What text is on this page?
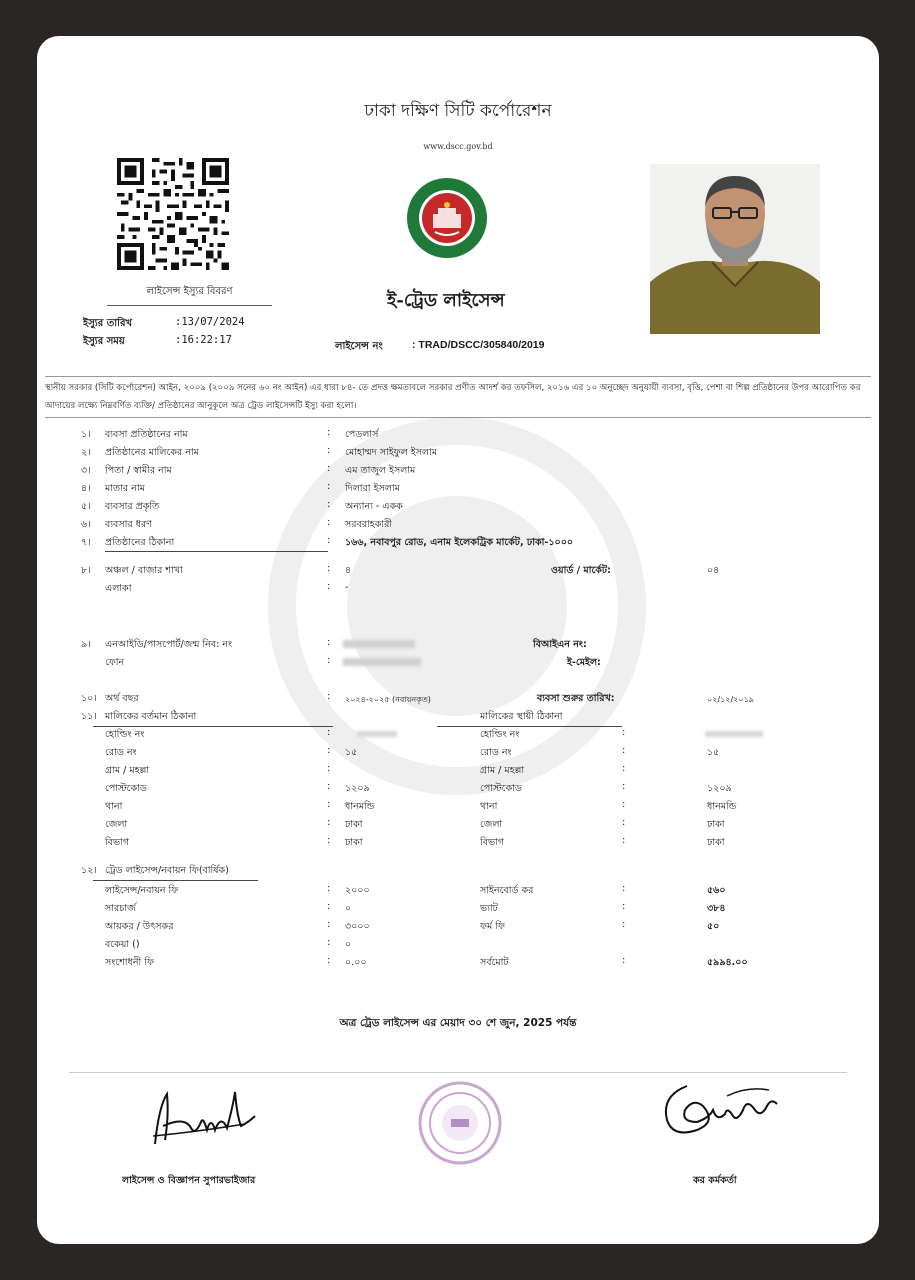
ঢাকা দক্ষিণ সিটি কর্পোরেশন
www.dscc.gov.bd
লাইসেন্স ইস্যুর বিবরণ
ইস্যুর তারিখ	:13/07/2024
ইস্যুর সময়	:16:22:17
ই-ট্রেড লাইসেন্স
লাইসেন্স নং	: TRAD/DSCC/305840/2019
স্থানীয় সরকার (সিটি কর্পোরেশন) আইন, ২০০৯ (২০০৯ সনের ৬০ নং আইন) এর ধারা ৮৪- তে প্রদত্ত ক্ষমতাবলে সরকার প্রণীত আদর্শ কর তফসিল, ২০১৬ এর ১০ অনুচ্ছেদ অনুযায়ী ব্যবসা, বৃত্তি, পেশা বা শিল্প প্রতিষ্ঠানের উপর আরোপিত কর আদায়ের লক্ষ্যে নিম্নবর্ণিত ব্যক্তি/ প্রতিষ্ঠানের আনুকূলে অত্র ট্রেড লাইসেন্সটি ইস্যু করা হলো।
১। ব্যবসা প্রতিষ্ঠানের নাম	: পেডলার্স
২। প্রতিষ্ঠানের মালিকের নাম	: মোহাম্মদ সাইফুল ইসলাম
৩। পিতা / স্বামীর নাম	: এম তাজুল ইসলাম
৪। মাতার নাম	: দিলারা ইসলাম
৫। ব্যবসার প্রকৃতি	: অন্যান্য - একক
৬। ব্যবসার ধরণ	: সরবরাহকারী
৭। প্রতিষ্ঠানের ঠিকানা	: ১৬৬, নবাবপুর রোড, এনাম ইলেকট্রিক মার্কেট, ঢাকা-১০০০
৮। অঞ্চল / বাজার শাখা	: ৪	ওয়ার্ড / মার্কেট:	০৪
এলাকা	: -
৯। এনআইডি/পাসপোর্ট/জন্ম নিব: নং	:	বিআইএন নং:
ফোন	:	ই-মেইল:
১০। অর্থ বছর	: ২০২৪-২০২৫ (নবায়নকৃত)	ব্যবসা শুরুর তারিখ:	০২/১২/২০১৯
১১। মালিকের বর্তমান ঠিকানা	মালিকের স্থায়ী ঠিকানা
হোল্ডিং নং	:	হোল্ডিং নং	:
রোড নং	: ১৫	রোড নং	:	১৫
গ্রাম / মহল্লা	:	গ্রাম / মহল্লা	:
পোস্টকোড	: ১২০৯	পোস্টকোড	:	১২০৯
থানা	: ধানমন্ডি	থানা	:	ধানমন্ডি
জেলা	: ঢাকা	জেলা	:	ঢাকা
বিভাগ	: ঢাকা	বিভাগ	:	ঢাকা
১২। ট্রেড লাইসেন্স/নবায়ন ফি(বার্ষিক)
লাইসেন্স/নবায়ন ফি	: ২০০০	সাইনবোর্ড কর	:	৫৬০
সারচার্জ	: ০	ভ্যাট	:	৩৮৪
আয়কর / উৎসকর	: ৩০০০	ফর্ম ফি	:	৫০
বকেয়া ()	: ০
সংশোধনী ফি	: ০.০০	সর্বমোট	:	৫৯৯৪.০০
অত্র ট্রেড লাইসেন্স এর মেয়াদ ৩০ শে জুন, 2025 পর্যন্ত
লাইসেন্স ও বিজ্ঞাপন সুপারভাইজার	কর কর্মকর্তা
